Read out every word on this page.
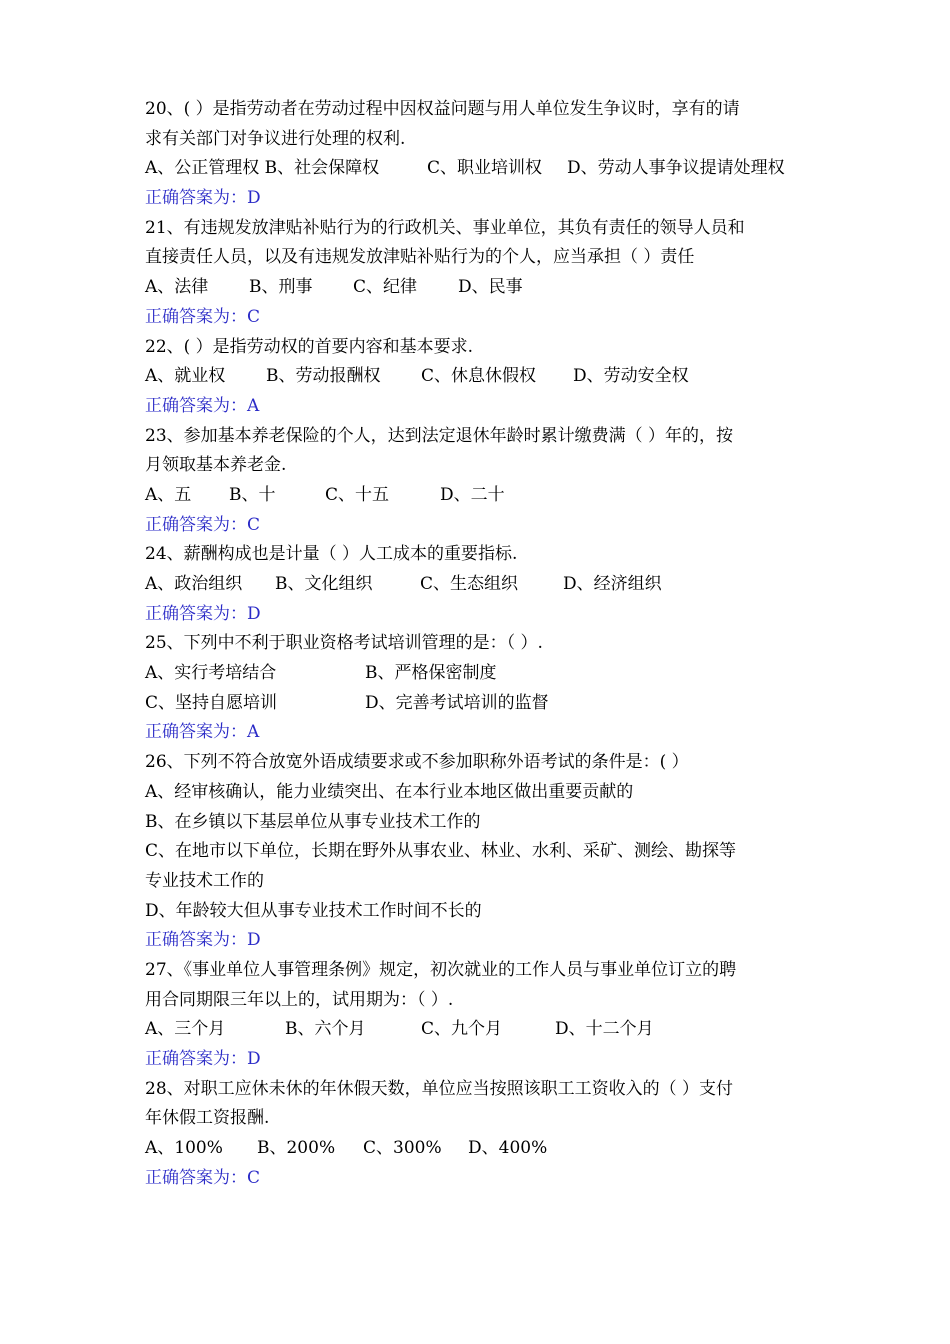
20、( ）是指劳动者在劳动过程中因权益问题与用人单位发生争议时，享有的请
求有关部门对争议进行处理的权利.
A、公正管理权 B、社会保障权	C、职业培训权 D、劳动人事争议提请处理权
正确答案为：D
21、有违规发放津贴补贴行为的行政机关、事业单位，其负有责任的领导人员和
直接责任人员，以及有违规发放津贴补贴行为的个人，应当承担（ ）责任
A、法律 B、刑事 C、纪律 D、民事
正确答案为：C
22、( ）是指劳动权的首要内容和基本要求.
A、就业权 B、劳动报酬权 C、休息休假权 D、劳动安全权
正确答案为：A
23、参加基本养老保险的个人，达到法定退休年龄时累计缴费满（ ）年的，按
月领取基本养老金.
A、五 B、十	C、十五	D、二十
正确答案为：C
24、薪酬构成也是计量（ ）人工成本的重要指标.
A、政治组织 B、文化组织	C、生态组织	D、经济组织
正确答案为：D
25、下列中不利于职业资格考试培训管理的是：（ ）.
A、实行考培结合	B、严格保密制度
C、坚持自愿培训	D、完善考试培训的监督
正确答案为：A
26、下列不符合放宽外语成绩要求或不参加职称外语考试的条件是：( ）
A、经审核确认，能力业绩突出、在本行业本地区做出重要贡献的
B、在乡镇以下基层单位从事专业技术工作的
C、在地市以下单位，长期在野外从事农业、林业、水利、采矿、测绘、勘探等
专业技术工作的
D、年龄较大但从事专业技术工作时间不长的
正确答案为：D
27、《事业单位人事管理条例》规定，初次就业的工作人员与事业单位订立的聘
用合同期限三年以上的，试用期为：（ ）.
A、三个月	B、六个月	C、九个月	D、十二个月
正确答案为：D
28、对职工应休未休的年休假天数，单位应当按照该职工工资收入的（ ）支付
年休假工资报酬.
A、100% B、200% C、300% D、400%
正确答案为：C
